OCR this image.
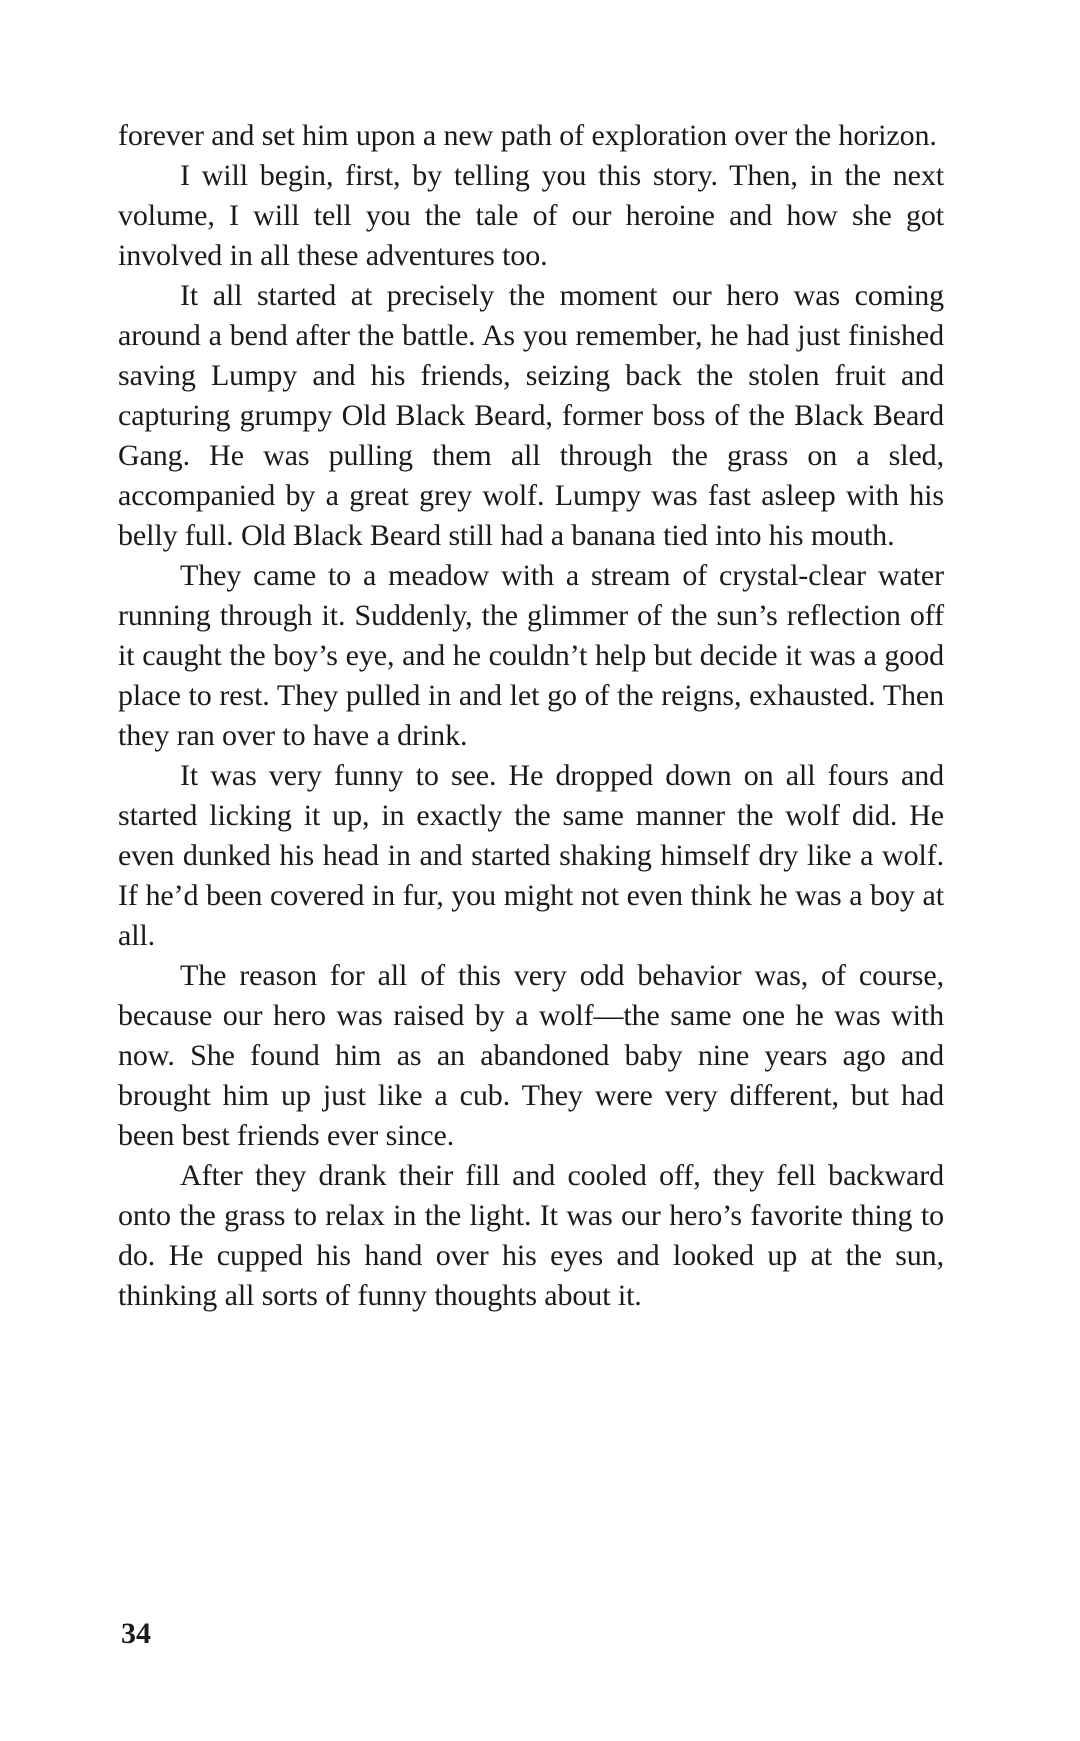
forever and set him upon a new path of exploration over the horizon.

I will begin, first, by telling you this story. Then, in the next volume, I will tell you the tale of our heroine and how she got involved in all these adventures too.

It all started at precisely the moment our hero was coming around a bend after the battle. As you remember, he had just finished saving Lumpy and his friends, seizing back the stolen fruit and capturing grumpy Old Black Beard, former boss of the Black Beard Gang. He was pulling them all through the grass on a sled, accompanied by a great grey wolf. Lumpy was fast asleep with his belly full. Old Black Beard still had a banana tied into his mouth.

They came to a meadow with a stream of crystal-clear water running through it. Suddenly, the glimmer of the sun’s reflection off it caught the boy’s eye, and he couldn’t help but decide it was a good place to rest. They pulled in and let go of the reigns, exhausted. Then they ran over to have a drink.

It was very funny to see. He dropped down on all fours and started licking it up, in exactly the same manner the wolf did. He even dunked his head in and started shaking himself dry like a wolf. If he’d been covered in fur, you might not even think he was a boy at all.

The reason for all of this very odd behavior was, of course, because our hero was raised by a wolf—the same one he was with now. She found him as an abandoned baby nine years ago and brought him up just like a cub. They were very different, but had been best friends ever since.

After they drank their fill and cooled off, they fell backward onto the grass to relax in the light. It was our hero’s favorite thing to do. He cupped his hand over his eyes and looked up at the sun, thinking all sorts of funny thoughts about it.

34
